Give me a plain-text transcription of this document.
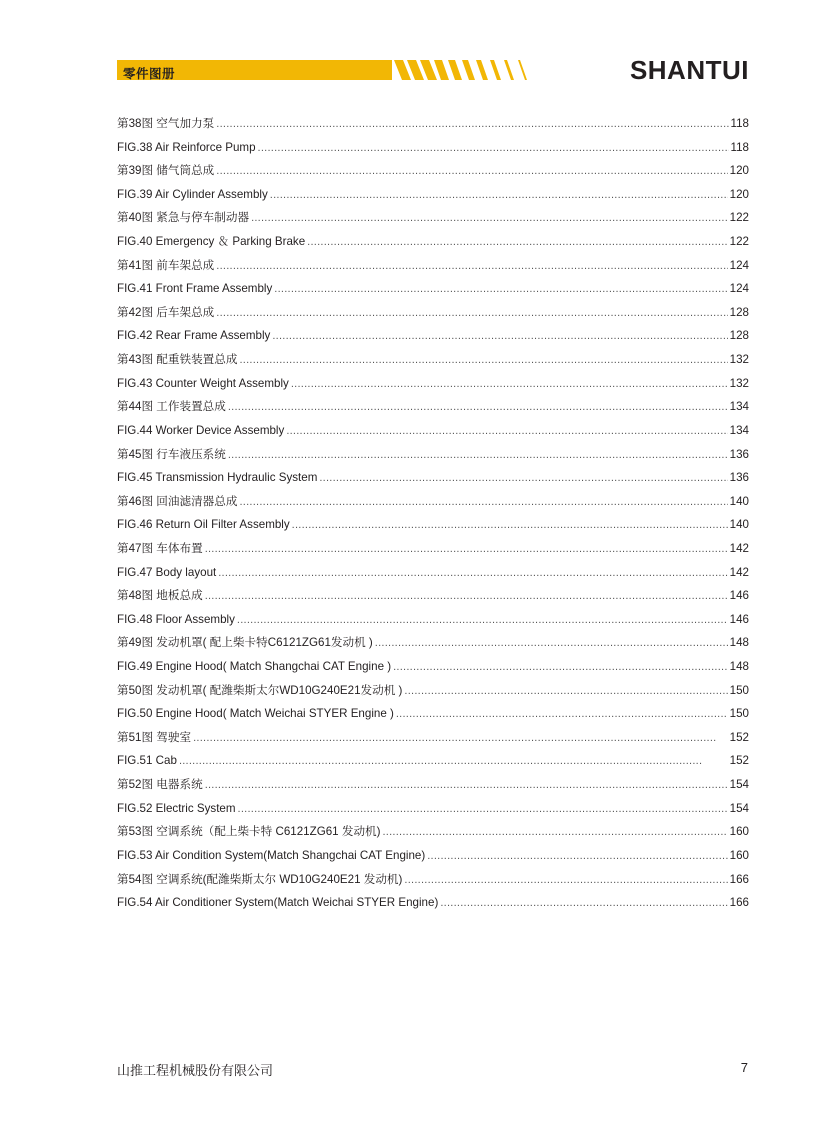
零件图册	SHANTUI
第38图 空气加力泵 . . .	118
FIG.38 Air Reinforce Pump . . .	118
第39图 储气筒总成 . . .	120
FIG.39 Air Cylinder Assembly . . .	120
第40图 紧急与停车制动器 . . .	122
FIG.40 Emergency ＆ Parking Brake . . .	122
第41图 前车架总成 . . .	124
FIG.41 Front Frame Assembly . . .	124
第42图 后车架总成 . . .	128
FIG.42 Rear Frame Assembly . . .	128
第43图 配重铁装置总成 . . .	132
FIG.43 Counter Weight Assembly . . .	132
第44图 工作装置总成 . . .	134
FIG.44 Worker Device Assembly . . .	134
第45图 行车液压系统 . . .	136
FIG.45 Transmission Hydraulic System . . .	136
第46图 回油滤清器总成 . . .	140
FIG.46 Return Oil Filter Assembly . . .	140
第47图 车体布置 . . .	142
FIG.47 Body layout . . .	142
第48图 地板总成 . . .	146
FIG.48 Floor Assembly . . .	146
第49图 发动机罩( 配上柴卡特C6121ZG61发动机 ) . . .	148
FIG.49 Engine Hood( Match Shangchai CAT Engine ) . . .	148
第50图 发动机罩( 配潍柴斯太尔WD10G240E21发动机 ) . . .	150
FIG.50 Engine Hood( Match Weichai STYER Engine ) . . .	150
第51图 驾驶室 . . .	152
FIG.51 Cab . . .	152
第52图 电器系统 . . .	154
FIG.52 Electric System . . .	154
第53图 空调系统（配上柴卡特 C6121ZG61 发动机) . . .	160
FIG.53 Air Condition System(Match Shangchai CAT Engine) . . .	160
第54图 空调系统(配潍柴斯太尔 WD10G240E21 发动机) . . .	166
FIG.54 Air Conditioner System(Match Weichai STYER Engine) . . .	166
山推工程机械股份有限公司	7
